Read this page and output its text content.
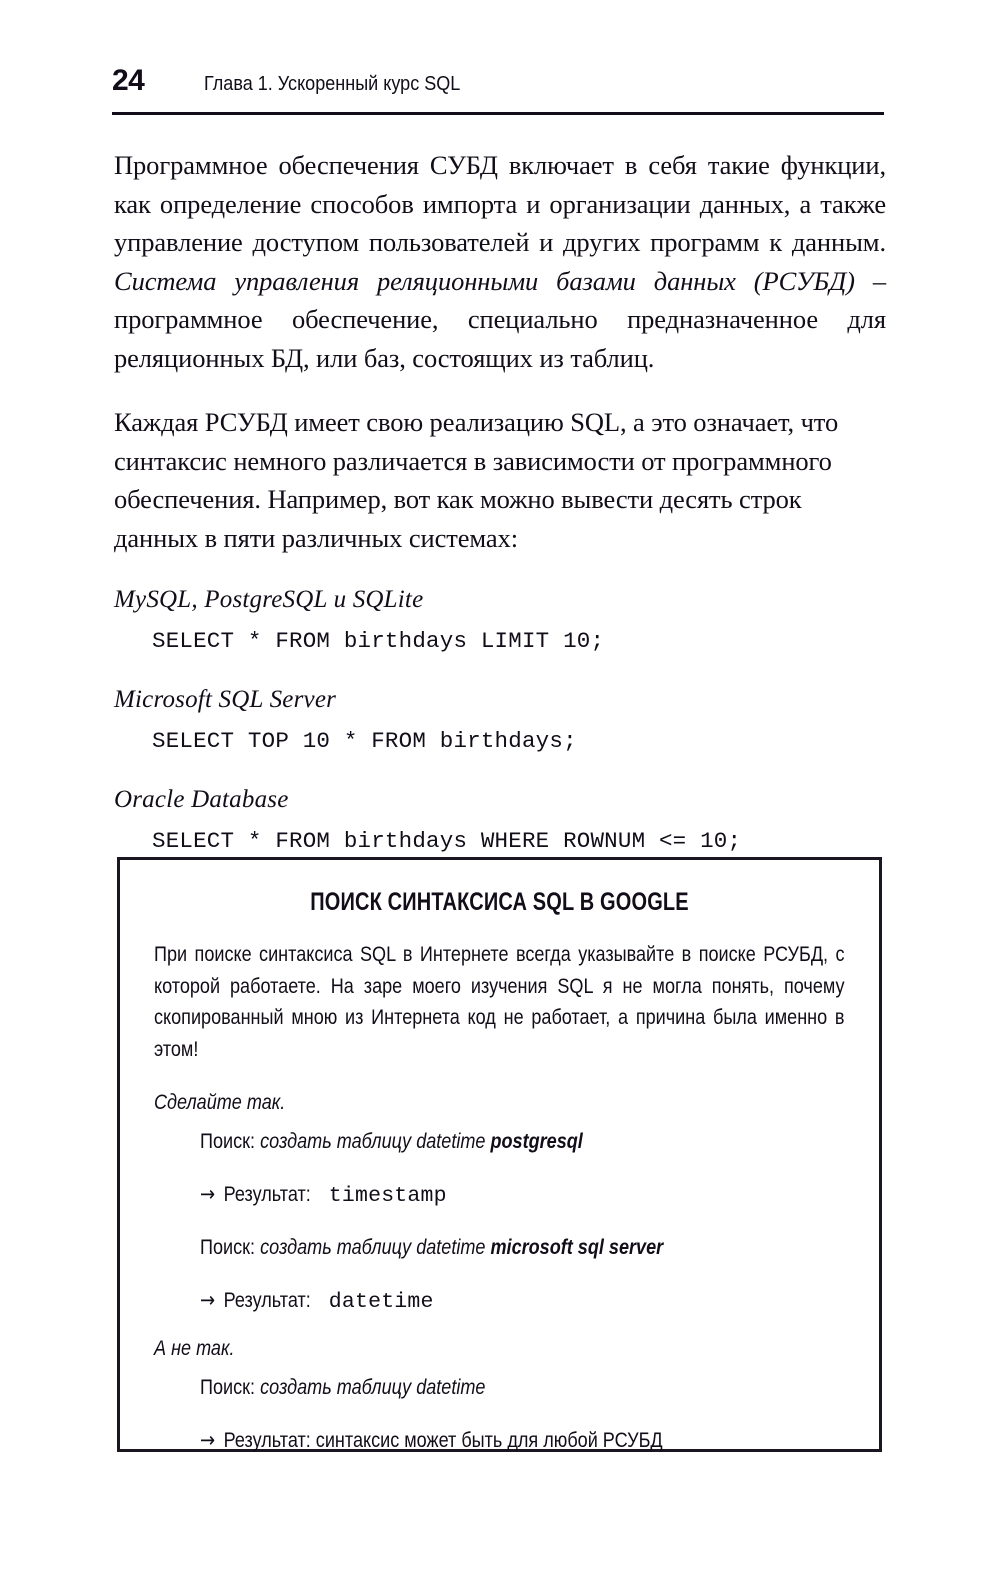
24	Глава 1. Ускоренный курс SQL

Программное обеспечения СУБД включает в себя такие функции, как определение способов импорта и организации данных, а также управление доступом пользователей и других программ к данным. Система управления реляционными базами данных (РСУБД) – программное обеспечение, специально предназначенное для реляционных БД, или баз, состоящих из таблиц.

Каждая РСУБД имеет свою реализацию SQL, а это означает, что синтаксис немного различается в зависимости от программного обеспечения. Например, вот как можно вывести десять строк данных в пяти различных системах:

MySQL, PostgreSQL и SQLite
SELECT * FROM birthdays LIMIT 10;
Microsoft SQL Server
SELECT TOP 10 * FROM birthdays;
Oracle Database
SELECT * FROM birthdays WHERE ROWNUM <= 10;
ПОИСК СИНТАКСИСА SQL В GOOGLE

При поиске синтаксиса SQL в Интернете всегда указывайте в поиске РСУБД, с которой работаете. На заре моего изучения SQL я не могла понять, почему скопированный мною из Интернета код не работает, а причина была именно в этом!

Сделайте так.
Поиск: создать таблицу datetime postgresql
→ Результат: timestamp
Поиск: создать таблицу datetime microsoft sql server
→ Результат: datetime
А не так.
Поиск: создать таблицу datetime
→ Результат: синтаксис может быть для любой РСУБД
